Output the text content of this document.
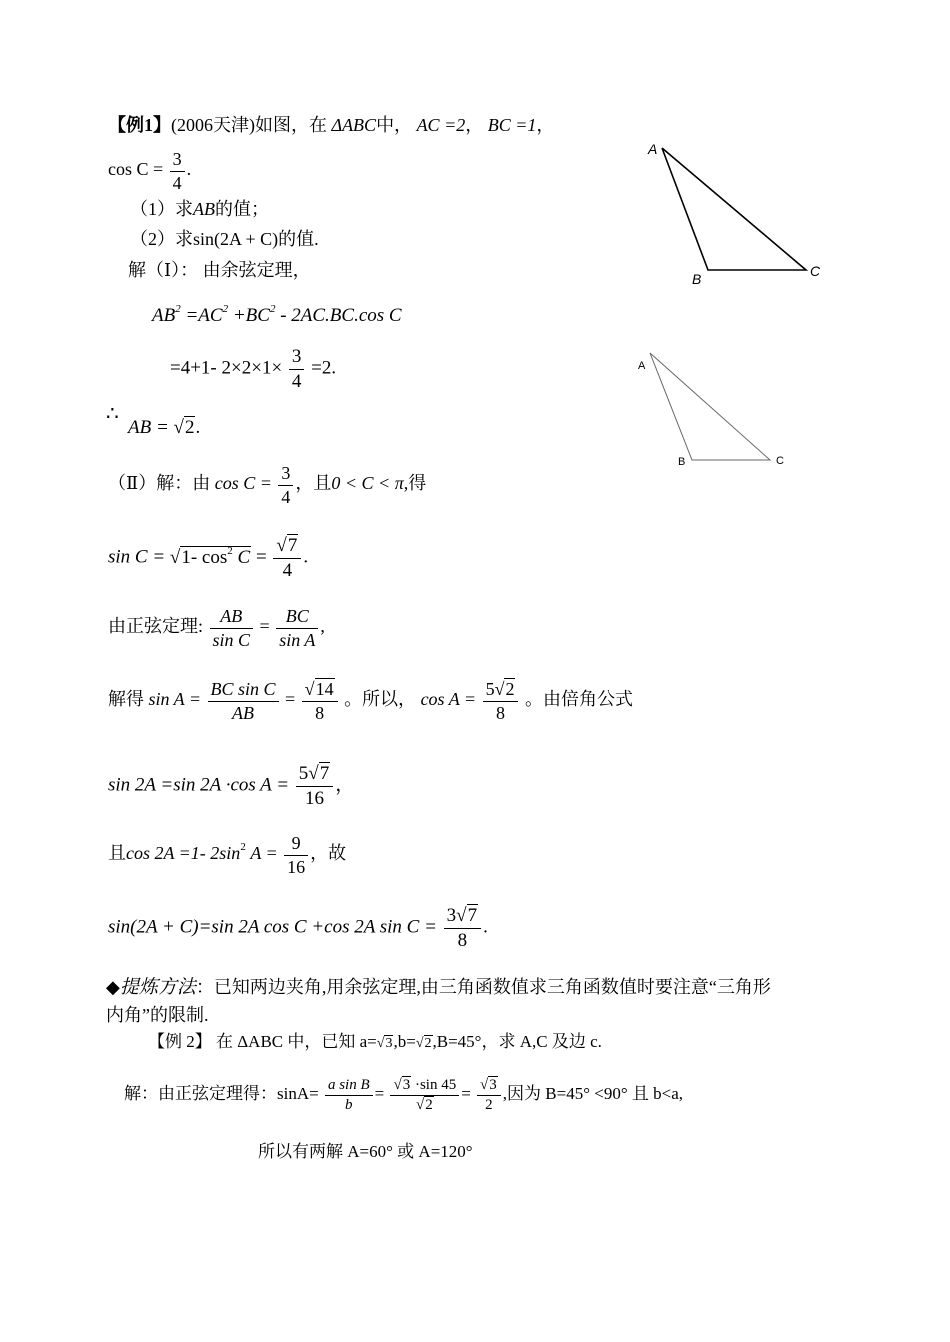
【例1】(2006天津)如图，在 ΔABC中， AC =2， BC =1，
$\cos C = \frac{3}{4}$ .
（1）求AB的值；
（2）求sin(2A + C)的值.
解（Ⅰ）： 由余弦定理，
$AB^2 =AC^2 +BC^2 - 2AC.BC.\cos$ C
=4+1- $2\times 2\times 1\times \frac{3}{4} =2$.
∴
AB = √2.
（Ⅱ）解：由 $\cos C = \frac{3}{4}$ ，且0 < C < π,得
sin C = √1- $\cos^2 C = \frac{√7}{4}$ .
由正弦定理: $\frac{AB}{\text{sin C}} = \frac{BC}{\text{sin A}}$ ,
解得 $\sin A = \frac{\text{BC sin C}}{AB} = \frac{√14}{8}$ 。所以， $\cos A = \frac{5√2}{8}$ 。由倍角公式
sin 2A =sin 2A ·cos $A = \frac{5√7}{16}$ ，
且cos 2A =1- $2\sin^2$ $A = \frac{9}{16}$ ，故
sin(2A + C)=sin 2A cos C +cos 2A $\sin C = \frac{3√7}{8}$ .
◆提炼方法：已知两边夹角,用余弦定理,由三角函数值求三角函数值时要注意“三角形
内角”的限制.
【例 2】 在 ΔABC 中，已知 a=√3,b=√2,B=45°，求 A,C 及边 c.
解：由正弦定理得：$\sin A= \frac{\text{a sin B}}{b} = \frac{√3 \cdot\sin 45}{√2} = \frac{√3}{2}$ ,因为 B=45° <90° 且 b<a,
所以有两解 A=60° 或 A=120°
A
B	C
A
B	C
